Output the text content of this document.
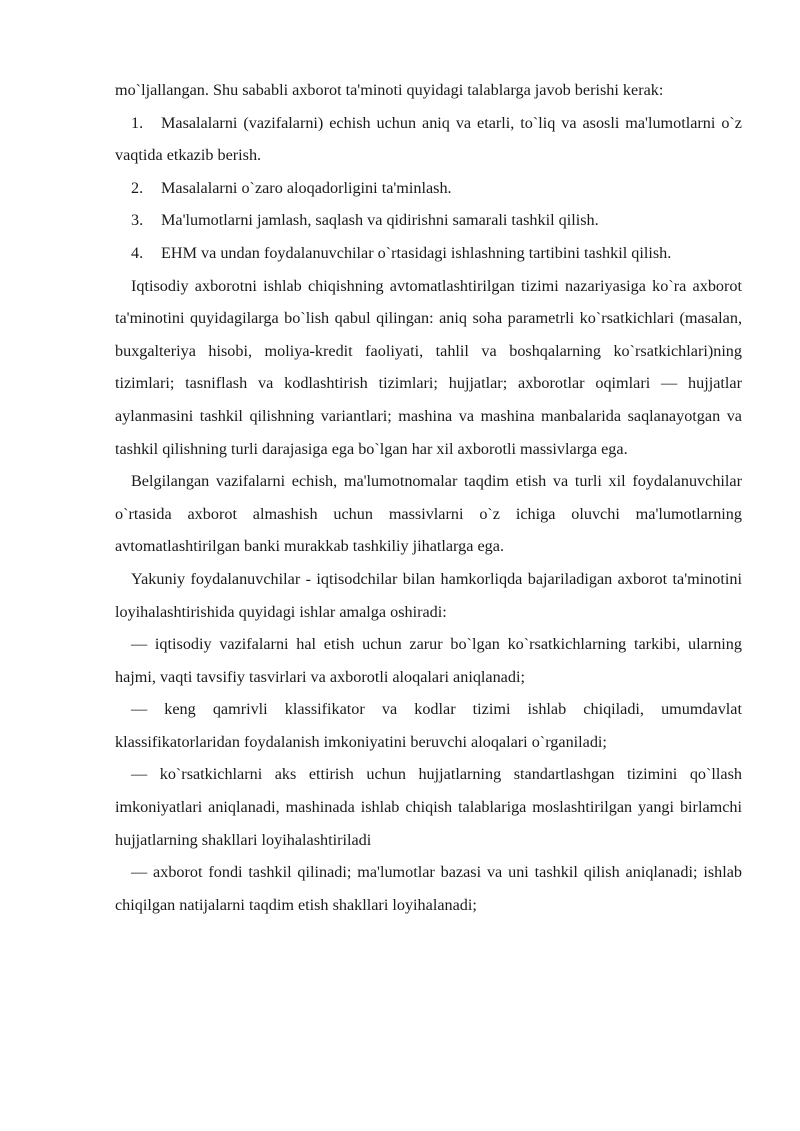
mo`ljallangan. Shu sababli axborot ta'minoti quyidagi talablarga javob berishi kerak:

1. Masalalarni (vazifalarni) echish uchun aniq va etarli, to`liq va asosli ma'lumotlarni o`z vaqtida etkazib berish.

2. Masalalarni o`zaro aloqadorligini ta'minlash.

3. Ma'lumotlarni jamlash, saqlash va qidirishni samarali tashkil qilish.

4. EHM va undan foydalanuvchilar o`rtasidagi ishlashning tartibini tashkil qilish.

Iqtisodiy axborotni ishlab chiqishning avtomatlashtirilgan tizimi nazariyasiga ko`ra axborot ta'minotini quyidagilarga bo`lish qabul qilingan: aniq soha parametrli ko`rsatkichlari (masalan, buxgalteriya hisobi, moliya-kredit faoliyati, tahlil va boshqalarning ko`rsatkichlari)ning tizimlari; tasniflash va kodlashtirish tizimlari; hujjatlar; axborotlar oqimlari — hujjatlar aylanmasini tashkil qilishning variantlari; mashina va mashina manbalarida saqlanayotgan va tashkil qilishning turli darajasiga ega bo`lgan har xil axborotli massivlarga ega.

Belgilangan vazifalarni echish, ma'lumotnomalar taqdim etish va turli xil foydalanuvchilar o`rtasida axborot almashish uchun massivlarni o`z ichiga oluvchi ma'lumotlarning avtomatlashtirilgan banki murakkab tashkiliy jihatlarga ega.

Yakuniy foydalanuvchilar - iqtisodchilar bilan hamkorliqda bajariladigan axborot ta'minotini loyihalashtirishida quyidagi ishlar amalga oshiradi:

— iqtisodiy vazifalarni hal etish uchun zarur bo`lgan ko`rsatkichlarning tarkibi, ularning hajmi, vaqti tavsifiy tasvirlari va axborotli aloqalari aniqlanadi;

— keng qamrivli klassifikator va kodlar tizimi ishlab chiqiladi, umumdavlat klassifikatorlaridan foydalanish imkoniyatini beruvchi aloqalari o`rganiladi;

— ko`rsatkichlarni aks ettirish uchun hujjatlarning standartlashgan tizimini qo`llash imkoniyatlari aniqlanadi, mashinada ishlab chiqish talablariga moslashtirilgan yangi birlamchi hujjatlarning shakllari loyihalashtiriladi

— axborot fondi tashkil qilinadi; ma'lumotlar bazasi va uni tashkil qilish aniqlanadi; ishlab chiqilgan natijalarni taqdim etish shakllari loyihalanadi;
